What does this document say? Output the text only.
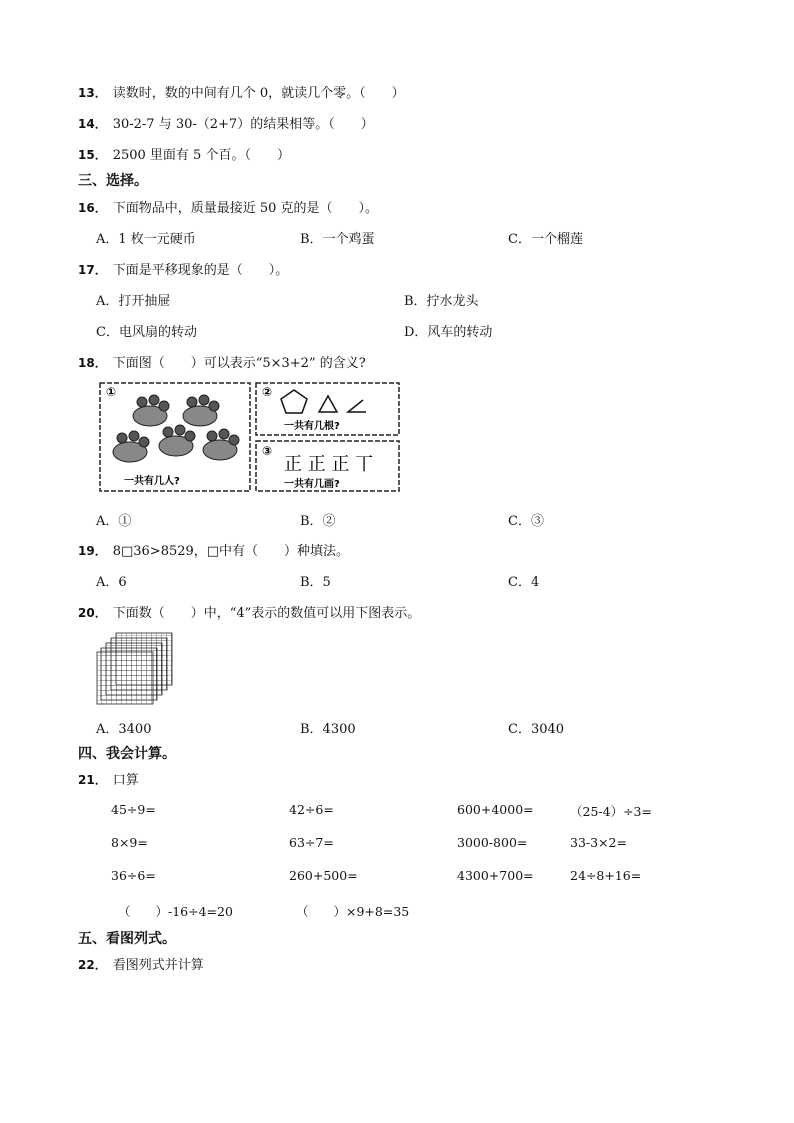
13． 读数时，数的中间有几个 0，就读几个零。（　　）
14． 30-2-7 与 30-（2+7）的结果相等。（　　）
15． 2500 里面有 5 个百。（　　）
三、选择。
16． 下面物品中，质量最接近 50 克的是（　　）。
A．1 枚一元硬币	B．一个鸡蛋	C．一个榴莲
17． 下面是平移现象的是（　　）。
A．打开抽屉	B．拧水龙头
C．电风扇的转动	D．风车的转动
18． 下面图（　　）可以表示“5×3+2” 的含义?
①
一共有几人?
②
一共有几根?
③
正 正 正 丅
一共有几画?
A．①	B．②	C．③
19． 8□36>8529，□中有（　　）种填法。
A．6	B．5	C．4
20． 下面数（　　）中，“4”表示的数值可以用下图表示。
A．3400	B．4300	C．3040
四、我会计算。
21． 口算
45÷9=	42÷6=	600+4000=	（25-4）÷3=
8×9=	63÷7=	3000-800=	33-3×2=
36÷6=	260+500=	4300+700=	24÷8+16=
（　　）-16÷4=20	（　　）×9+8=35
五、看图列式。
22． 看图列式并计算
